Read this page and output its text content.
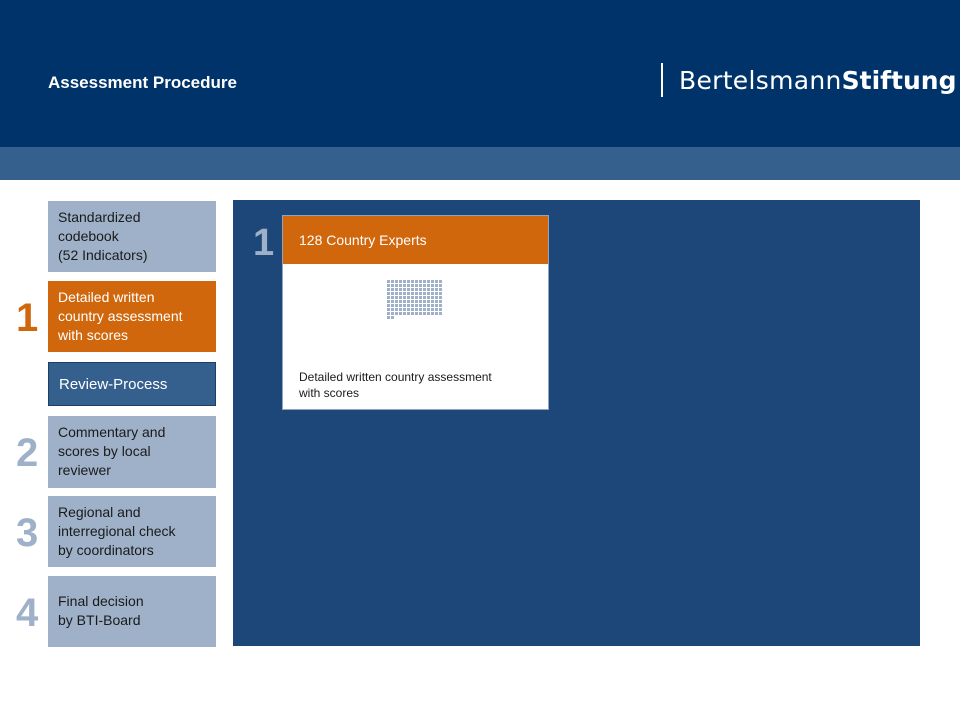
Assessment Procedure	Bertelsmann Stiftung
Standardized
codebook
(52 Indicators)
1 Detailed written
country assessment
with scores
Review-Process
2 Commentary and
scores by local
reviewer
3 Regional and
interregional check
by coordinators
4 Final decision
by BTI-Board
1	128 Country Experts
Detailed written country assessment
with scores
